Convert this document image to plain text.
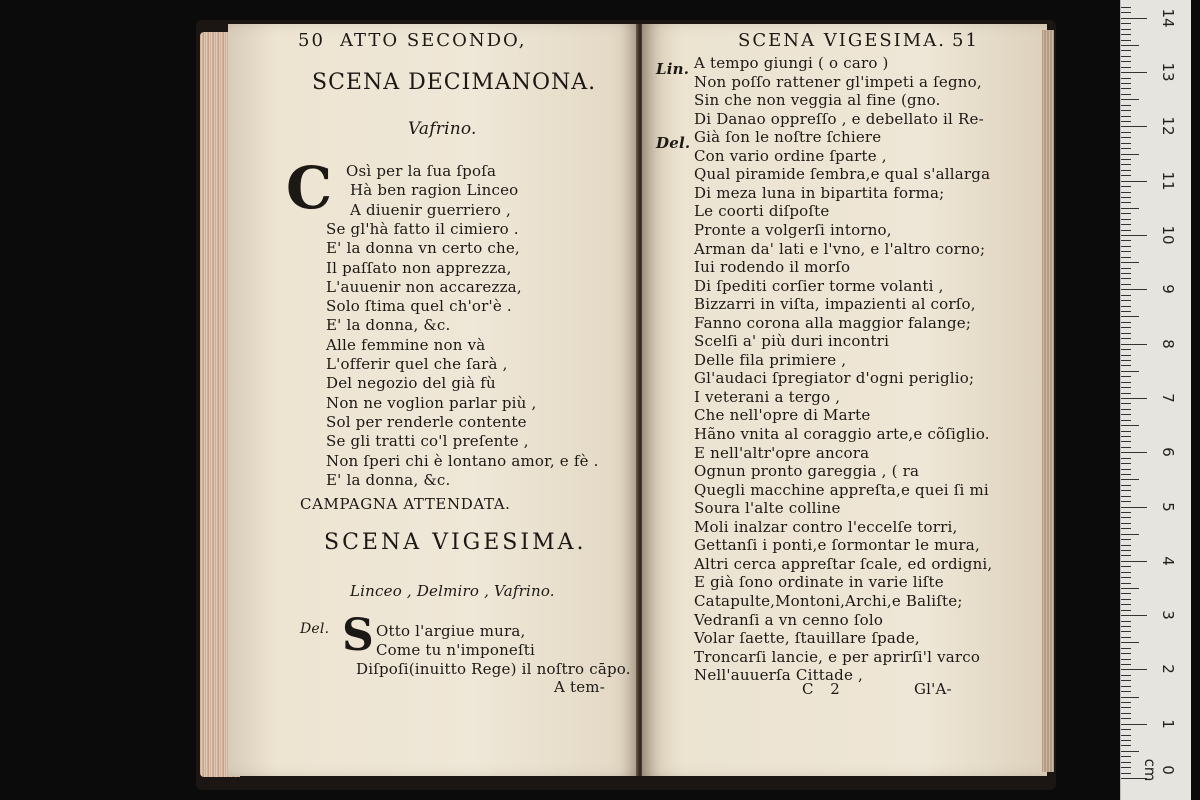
50 ATTO SECONDO,
SCENA DECIMANONA.
Vafrino.
C Osì per la ſua ſpoſa
Hà ben ragion Linceo
A diuenir guerriero ,
Se gl'hà fatto il cimiero .
E' la donna vn certo che,
Il paſſato non apprezza,
L'auuenir non accarezza,
Solo ſtima quel ch'or'è .
E' la donna, &c.
Alle femmine non và
L'offerir quel che ſarà ,
Del negozio del già fù
Non ne voglion parlar più ,
Sol per renderle contente
Se gli tratti co'l preſente ,
Non ſperi chi è lontano amor, e fè .
E' la donna, &c.
CAMPAGNA ATTENDATA.
SCENA VIGESIMA.
Linceo , Delmiro , Vafrino.
Del. S Otto l'argiue mura,
Come tu n'imponeſti
Diſpoſi(inuitto Rege) il noſtro cāpo.
A tem-
SCENA VIGESIMA. 51
Lin.
Del.
A tempo giungi ( o caro )
Non poſſo rattener gl'impeti a ſegno,
Sin che non veggia al fine (gno.
Di Danao oppreſſo , e debellato il Re-
Già ſon le noſtre ſchiere
Con vario ordine ſparte ,
Qual piramide ſembra,e qual s'allarga
Di meza luna in bipartita forma;
Le coorti diſpoſte
Pronte a volgerſi intorno,
Arman da' lati e l'vno, e l'altro corno;
Iui rodendo il morſo
Di ſpediti corſier torme volanti ,
Bizzarri in viſta, impazienti al corſo,
Fanno corona alla maggior falange;
Scelſi a' più duri incontri
Delle fila primiere ,
Gl'audaci ſpregiator d'ogni periglio;
I veterani a tergo ,
Che nell'opre di Marte
Hãno vnita al coraggio arte,e cõſiglio.
E nell'altr'opre ancora
Ognun pronto gareggia , ( ra
Quegli macchine appreſta,e quei ſi mi
Soura l'alte colline
Moli inalzar contro l'eccelſe torri,
Gettanſi i ponti,e ſormontar le mura,
Altri cerca appreſtar ſcale, ed ordigni,
E già ſono ordinate in varie liſte
Catapulte,Montoni,Archi,e Baliſte;
Vedranſi a vn cenno ſolo
Volar ſaette, ſtauillare ſpade,
Troncarſi lancie, e per aprirſi'l varco
Nell'auuerſa Cittade ,
C 2	Gl'A-
0 cm
1
2
3
4
5
6
7
8
9
10
11
12
13
14
